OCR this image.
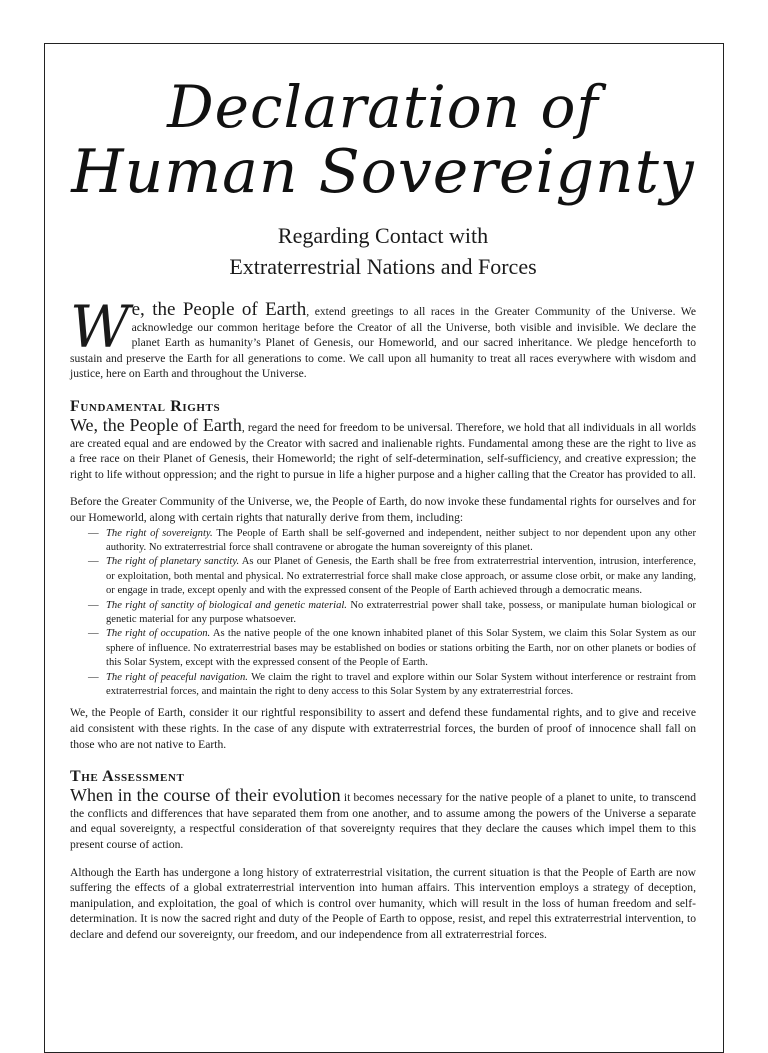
Declaration of
Human Sovereignty
Regarding Contact with
Extraterrestrial Nations and Forces

We, the People of Earth, extend greetings to all races in the Greater Community of the Universe. We acknowledge our common heritage before the Creator of all the Universe, both visible and invisible. We declare the planet Earth as humanity’s Planet of Genesis, our Homeworld, and our sacred inheritance. We pledge henceforth to sustain and preserve the Earth for all generations to come. We call upon all humanity to treat all races everywhere with wisdom and justice, here on Earth and throughout the Universe.

Fundamental Rights

We, the People of Earth, regard the need for freedom to be universal. Therefore, we hold that all individuals in all worlds are created equal and are endowed by the Creator with sacred and inalienable rights. Fundamental among these are the right to live as a free race on their Planet of Genesis, their Homeworld; the right of self-determination, self-sufficiency, and creative expression; the right to life without oppression; and the right to pursue in life a higher purpose and a higher calling that the Creator has provided to all.

Before the Greater Community of the Universe, we, the People of Earth, do now invoke these fundamental rights for ourselves and for our Homeworld, along with certain rights that naturally derive from them, including:

— The right of sovereignty. The People of Earth shall be self-governed and independent, neither subject to nor dependent upon any other authority. No extraterrestrial force shall contravene or abrogate the human sovereignty of this planet.
— The right of planetary sanctity. As our Planet of Genesis, the Earth shall be free from extraterrestrial intervention, intrusion, interference, or exploitation, both mental and physical. No extraterrestrial force shall make close approach, or assume close orbit, or make any landing, or engage in trade, except openly and with the expressed consent of the People of Earth achieved through a democratic means.
— The right of sanctity of biological and genetic material. No extraterrestrial power shall take, possess, or manipulate human biological or genetic material for any purpose whatsoever.
— The right of occupation. As the native people of the one known inhabited planet of this Solar System, we claim this Solar System as our sphere of influence. No extraterrestrial bases may be established on bodies or stations orbiting the Earth, nor on other planets or bodies of this Solar System, except with the expressed consent of the People of Earth.
— The right of peaceful navigation. We claim the right to travel and explore within our Solar System without interference or restraint from extraterrestrial forces, and maintain the right to deny access to this Solar System by any extraterrestrial forces.

We, the People of Earth, consider it our rightful responsibility to assert and defend these fundamental rights, and to give and receive aid consistent with these rights. In the case of any dispute with extraterrestrial forces, the burden of proof of innocence shall fall on those who are not native to Earth.

The Assessment

When in the course of their evolution it becomes necessary for the native people of a planet to unite, to transcend the conflicts and differences that have separated them from one another, and to assume among the powers of the Universe a separate and equal sovereignty, a respectful consideration of that sovereignty requires that they declare the causes which impel them to this present course of action.

Although the Earth has undergone a long history of extraterrestrial visitation, the current situation is that the People of Earth are now suffering the effects of a global extraterrestrial intervention into human affairs. This intervention employs a strategy of deception, manipulation, and exploitation, the goal of which is control over humanity, which will result in the loss of human freedom and self-determination. It is now the sacred right and duty of the People of Earth to oppose, resist, and repel this extraterrestrial intervention, to declare and defend our sovereignty, our freedom, and our independence from all extraterrestrial forces.
